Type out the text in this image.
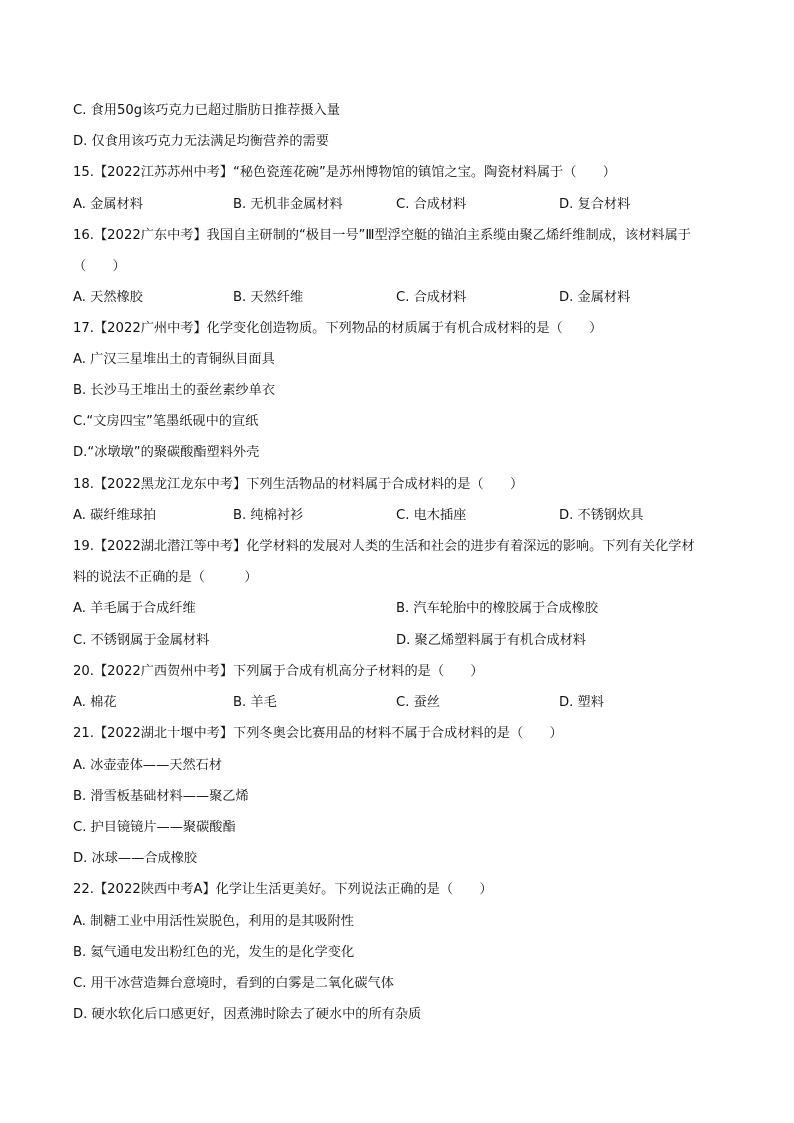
C. 食用50g该巧克力已超过脂肪日推荐摄入量
D. 仅食用该巧克力无法满足均衡营养的需要
15.【2022江苏苏州中考】“秘色瓷莲花碗”是苏州博物馆的镇馆之宝。陶瓷材料属于（　　）
A. 金属材料	B. 无机非金属材料	C. 合成材料	D. 复合材料
16.【2022广东中考】我国自主研制的“极目一号”Ⅲ型浮空艇的锚泊主系缆由聚乙烯纤维制成，该材料属于
（　　）
A. 天然橡胶	B. 天然纤维	C. 合成材料	D. 金属材料
17.【2022广州中考】化学变化创造物质。下列物品的材质属于有机合成材料的是（　　）
A. 广汉三星堆出土的青铜纵目面具
B. 长沙马王堆出土的蚕丝素纱单衣
C.“文房四宝”笔墨纸砚中的宣纸
D.“冰墩墩”的聚碳酸酯塑料外壳
18.【2022黑龙江龙东中考】下列生活物品的材料属于合成材料的是（　　）
A. 碳纤维球拍	B. 纯棉衬衫	C. 电木插座	D. 不锈钢炊具
19.【2022湖北潜江等中考】化学材料的发展对人类的生活和社会的进步有着深远的影响。下列有关化学材
料的说法不正确的是（　　　）
A. 羊毛属于合成纤维	B. 汽车轮胎中的橡胶属于合成橡胶
C. 不锈钢属于金属材料	D. 聚乙烯塑料属于有机合成材料
20.【2022广西贺州中考】下列属于合成有机高分子材料的是（　　）
A. 棉花	B. 羊毛	C. 蚕丝	D. 塑料
21.【2022湖北十堰中考】下列冬奥会比赛用品的材料不属于合成材料的是（　　）
A. 冰壶壶体——天然石材
B. 滑雪板基础材料——聚乙烯
C. 护目镜镜片——聚碳酸酯
D. 冰球——合成橡胶
22.【2022陕西中考A】化学让生活更美好。下列说法正确的是（　　）
A. 制糖工业中用活性炭脱色，利用的是其吸附性
B. 氦气通电发出粉红色的光，发生的是化学变化
C. 用干冰营造舞台意境时，看到的白雾是二氧化碳气体
D. 硬水软化后口感更好，因煮沸时除去了硬水中的所有杂质
